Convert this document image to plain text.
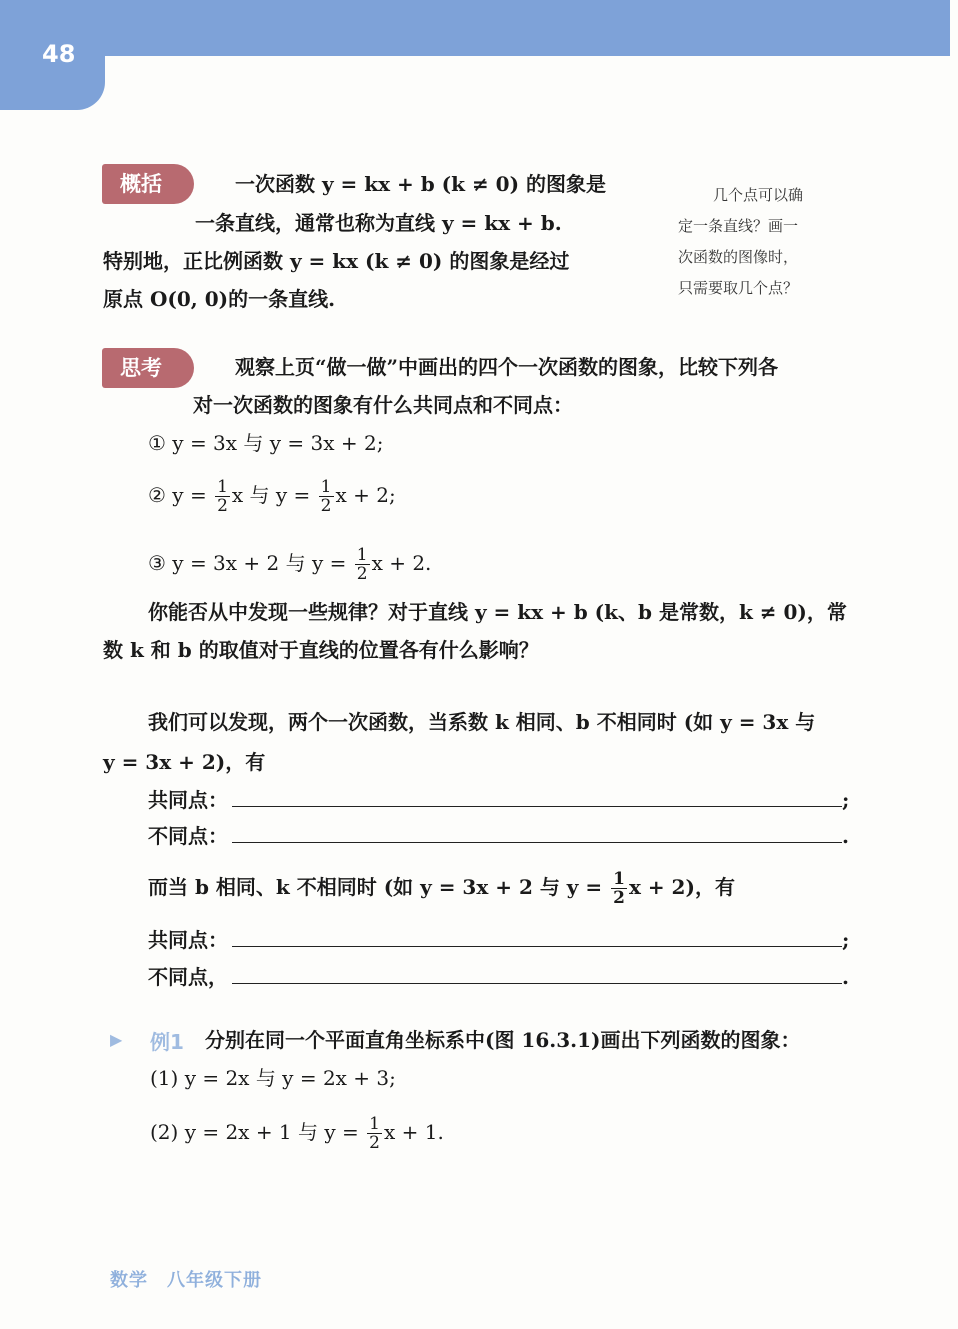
48
概括	一次函数 y = kx + b (k ≠ 0) 的图象是
一条直线，通常也称为直线 y = kx + b.
特别地，正比例函数 y = kx (k ≠ 0) 的图象是经过
原点 O(0, 0)的一条直线.
几个点可以确
定一条直线？画一
次函数的图像时，
只需要取几个点？
思考	观察上页“做一做”中画出的四个一次函数的图象，比较下列各
对一次函数的图象有什么共同点和不同点：
① y = 3x 与 y = 3x + 2;
② $y = \frac{1}{2}$ x 与 $y = \frac{1}{2}$ x + 2;
③ y = 3x + 2 与 $y = \frac{1}{2}$ x + 2.
你能否从中发现一些规律？对于直线 y = kx + b (k、b 是常数，k ≠ 0)，常
数 k 和 b 的取值对于直线的位置各有什么影响？
我们可以发现，两个一次函数，当系数 k 相同、b 不相同时 (如 y = 3x 与
y = 3x + 2)，有
共同点：	;
不同点：	.
而当 b 相同、k 不相同时 (如 y = 3x + 2 与 $y = \frac{1}{2}$ x + 2)，有
共同点：	;
不同点，	.
▶ 例1 分别在同一个平面直角坐标系中(图 16.3.1)画出下列函数的图象：
(1) y = 2x 与 y = 2x + 3;
(2) y = 2x + 1 与 $y = \frac{1}{2}$ x + 1.
数学　八年级下册
